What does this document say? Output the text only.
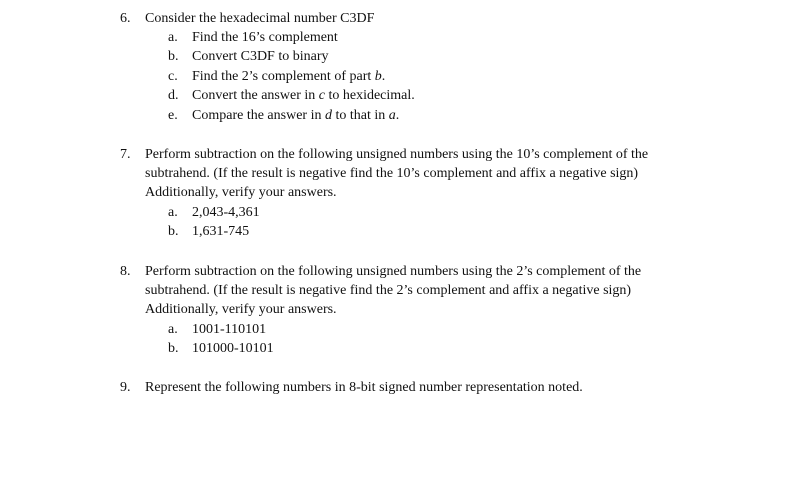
6. Consider the hexadecimal number C3DF
a. Find the 16’s complement
b. Convert C3DF to binary
c. Find the 2’s complement of part b.
d. Convert the answer in c to hexidecimal.
e. Compare the answer in d to that in a.
7. Perform subtraction on the following unsigned numbers using the 10’s complement of the
subtrahend. (If the result is negative find the 10’s complement and affix a negative sign)
Additionally, verify your answers.
a. 2,043-4,361
b. 1,631-745
8. Perform subtraction on the following unsigned numbers using the 2’s complement of the
subtrahend. (If the result is negative find the 2’s complement and affix a negative sign)
Additionally, verify your answers.
a. 1001-110101
b. 101000-10101
9. Represent the following numbers in 8-bit signed number representation noted.
